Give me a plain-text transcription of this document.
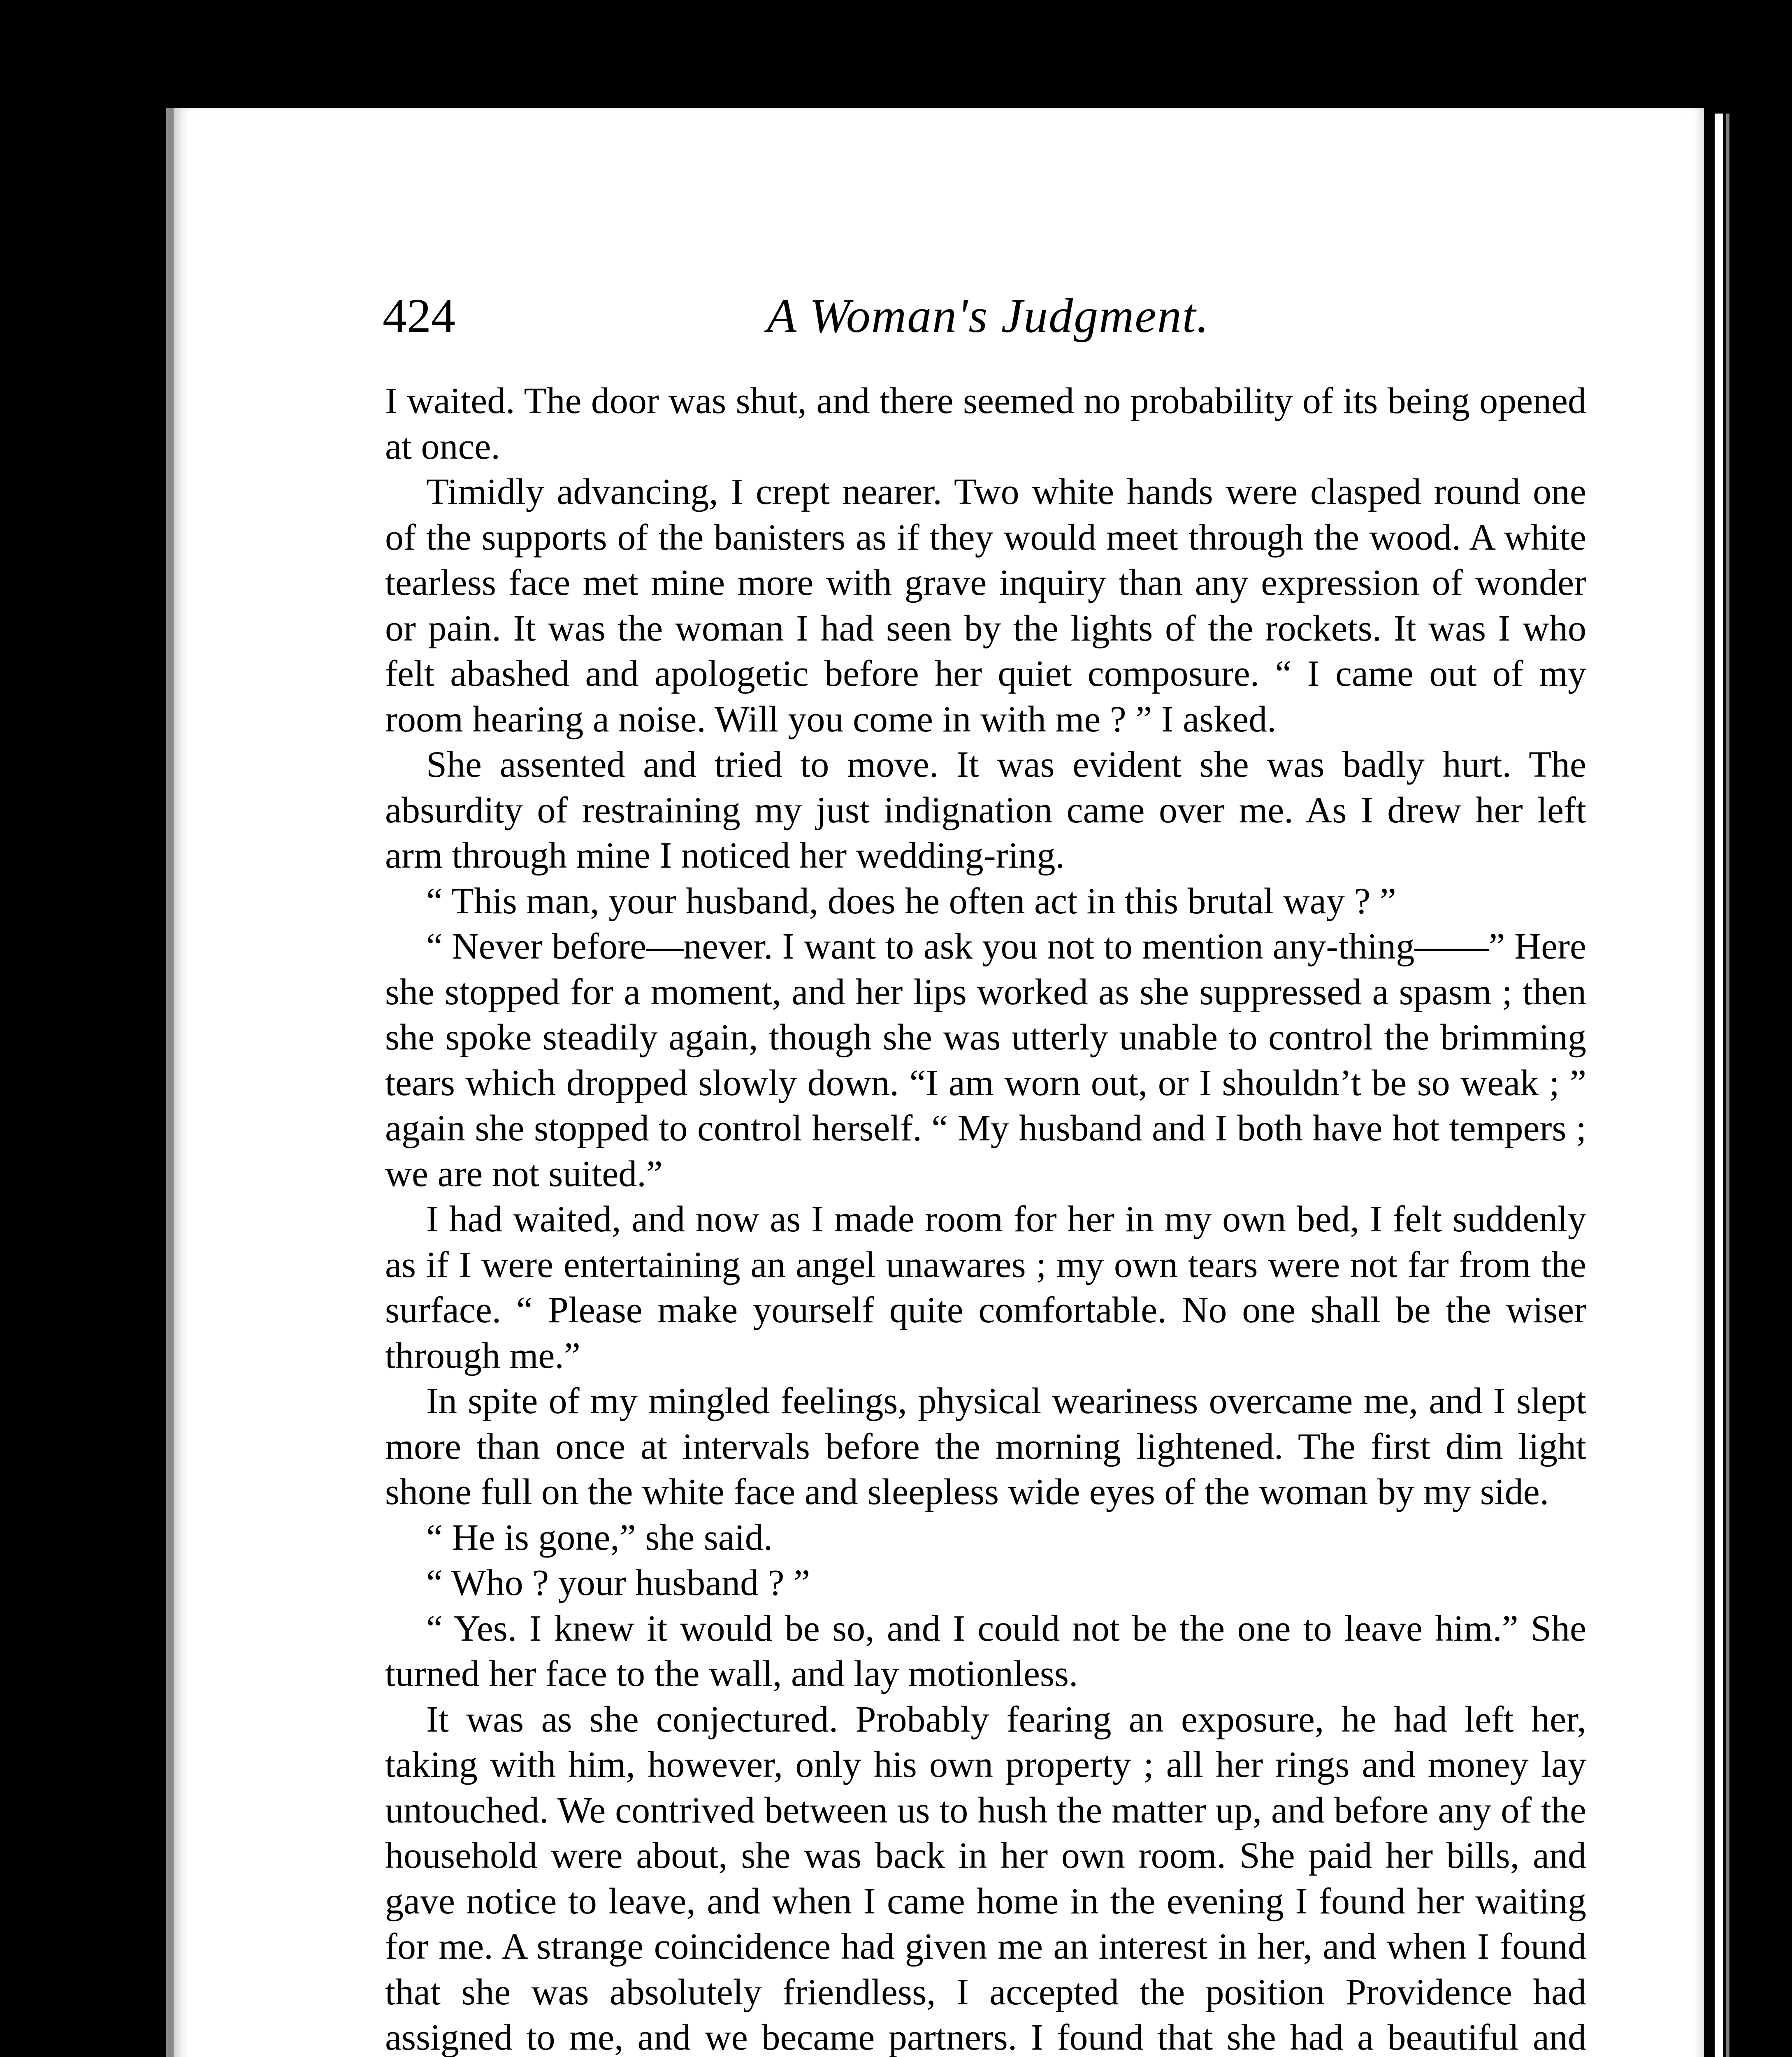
424	A Woman's Judgment.

I waited. The door was shut, and there seemed no probability of its being opened at once.

Timidly advancing, I crept nearer. Two white hands were clasped round one of the supports of the banisters as if they would meet through the wood. A white tearless face met mine more with grave inquiry than any expression of wonder or pain. It was the woman I had seen by the lights of the rockets. It was I who felt abashed and apologetic before her quiet composure. “ I came out of my room hearing a noise. Will you come in with me ? ” I asked.

She assented and tried to move. It was evident she was badly hurt. The absurdity of restraining my just indignation came over me. As I drew her left arm through mine I noticed her wedding-ring.

“ This man, your husband, does he often act in this brutal way ? ”

“ Never before—never. I want to ask you not to mention any-thing——” Here she stopped for a moment, and her lips worked as she suppressed a spasm ; then she spoke steadily again, though she was utterly unable to control the brimming tears which dropped slowly down. “I am worn out, or I shouldn’t be so weak ; ” again she stopped to control herself. “ My husband and I both have hot tempers ; we are not suited.”

I had waited, and now as I made room for her in my own bed, I felt suddenly as if I were entertaining an angel unawares ; my own tears were not far from the surface. “ Please make yourself quite comfortable. No one shall be the wiser through me.”

In spite of my mingled feelings, physical weariness overcame me, and I slept more than once at intervals before the morning lightened. The first dim light shone full on the white face and sleepless wide eyes of the woman by my side.

“ He is gone,” she said.

“ Who ? your husband ? ”

“ Yes. I knew it would be so, and I could not be the one to leave him.” She turned her face to the wall, and lay motionless.

It was as she conjectured. Probably fearing an exposure, he had left her, taking with him, however, only his own property ; all her rings and money lay untouched. We contrived between us to hush the matter up, and before any of the household were about, she was back in her own room. She paid her bills, and gave notice to leave, and when I came home in the evening I found her waiting for me. A strange coincidence had given me an interest in her, and when I found that she was absolutely friendless, I accepted the position Providence had assigned to me, and we became partners. I found that she had a beautiful and
